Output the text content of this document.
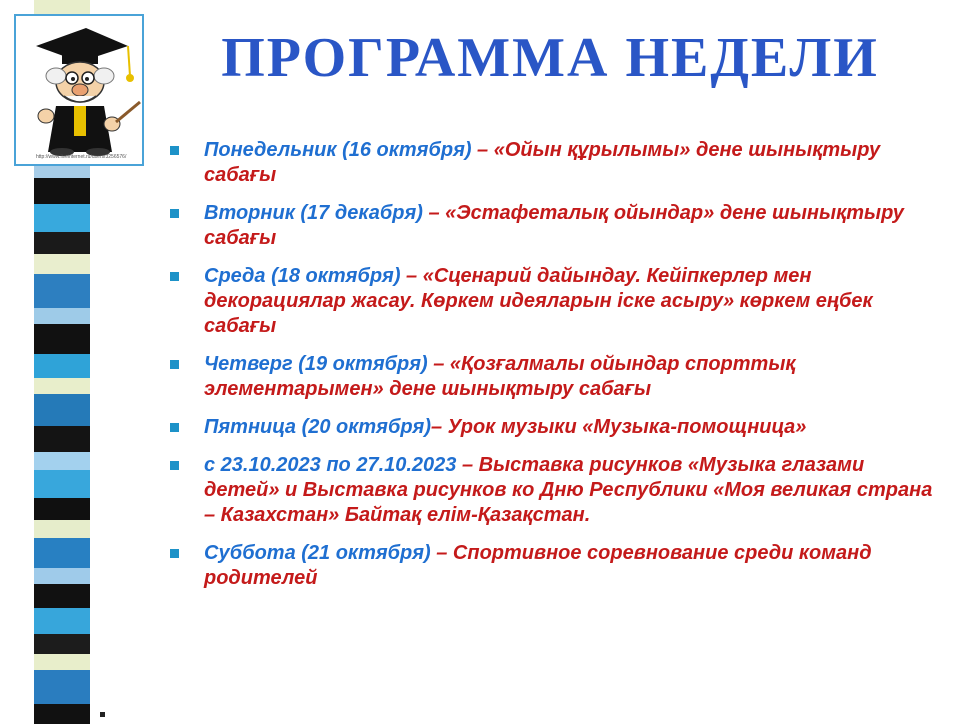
http://www.liveinternet.ru/users/3256576/
ПРОГРАММА НЕДЕЛИ
Понедельник (16 октября) – «Ойын құрылымы» дене шынықтыру сабағы
Вторник (17 декабря) – «Эстафеталық ойындар» дене шынықтыру сабағы
Среда (18 октября) – «Сценарий дайындау. Кейіпкерлер мен декорациялар жасау. Көркем идеяларын іске асыру» көркем еңбек сабағы
Четверг (19 октября) – «Қозғалмалы ойындар спорттық элементарымен» дене шынықтыру сабағы
Пятница (20 октября)– Урок музыки «Музыка-помощница»
с 23.10.2023 по 27.10.2023 – Выставка рисунков «Музыка глазами детей» и Выставка рисунков ко Дню Республики «Моя великая страна – Казахстан» Байтақ елім-Қазақстан.
Суббота (21 октября) – Спортивное соревнование среди команд родителей
